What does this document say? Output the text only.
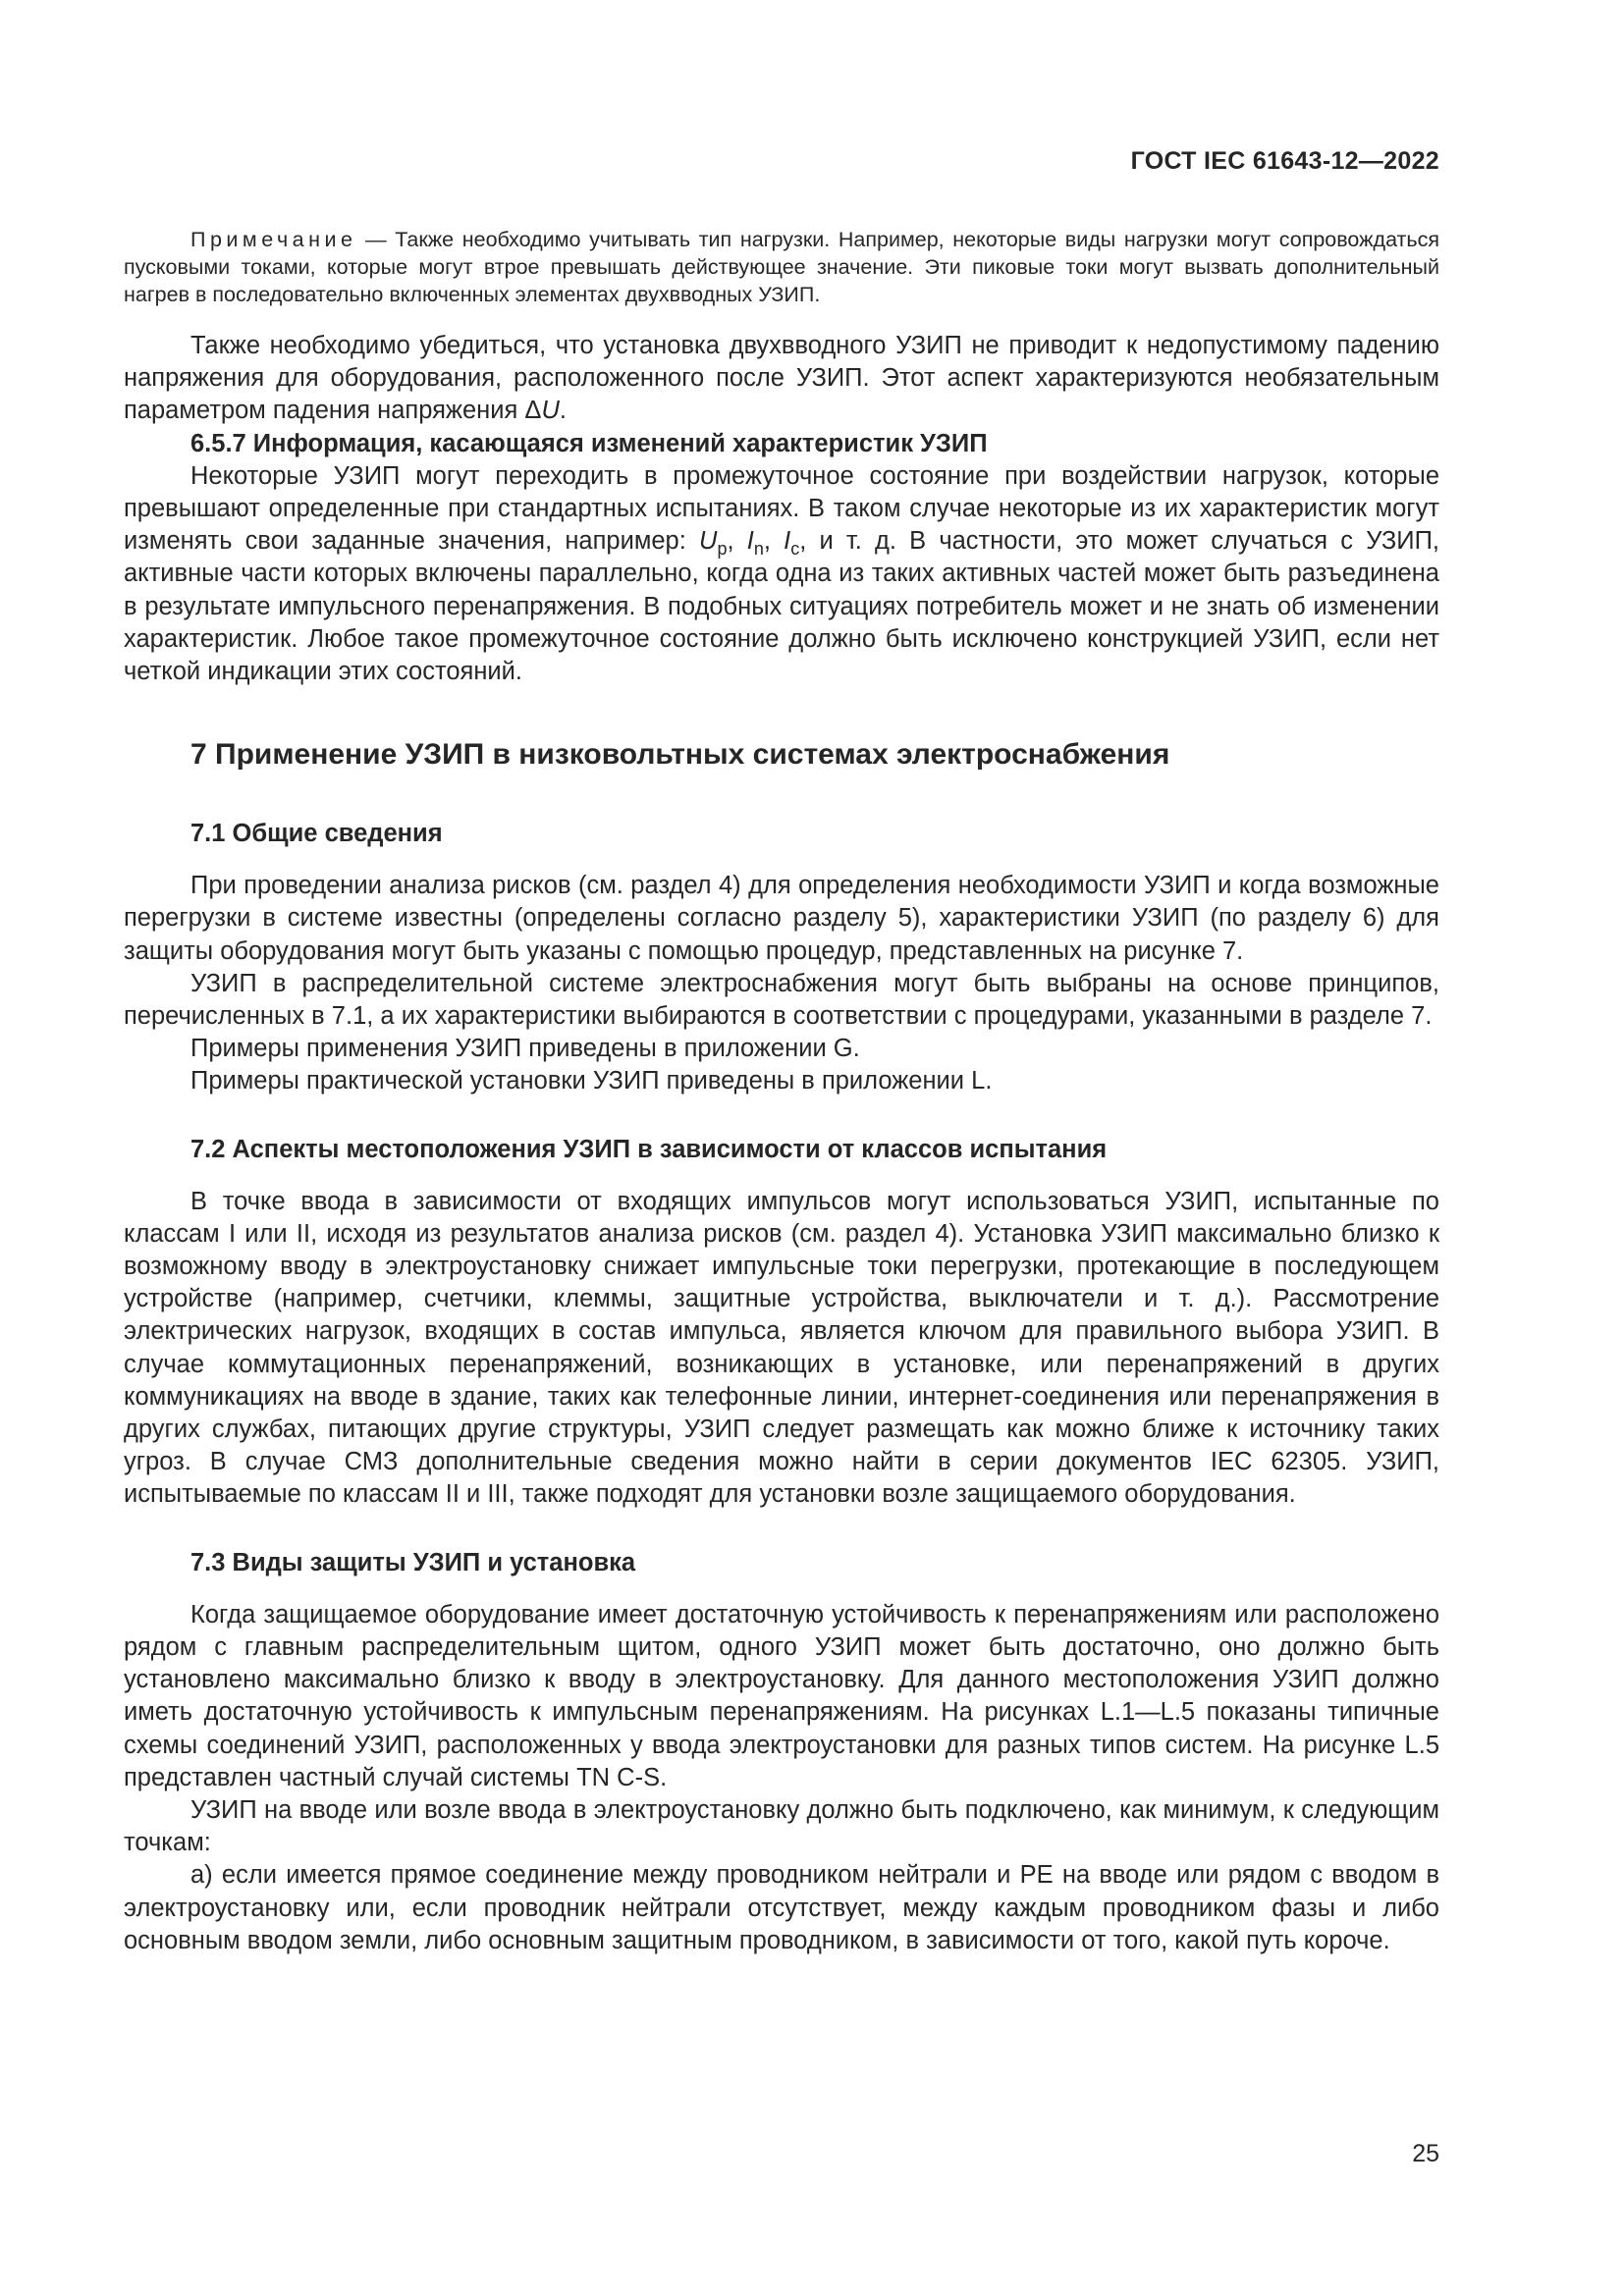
ГОСТ IEC 61643-12—2022

Примечание — Также необходимо учитывать тип нагрузки. Например, некоторые виды нагрузки могут сопровождаться пусковыми токами, которые могут втрое превышать действующее значение. Эти пиковые токи могут вызвать дополнительный нагрев в последовательно включенных элементах двухвводных УЗИП.

Также необходимо убедиться, что установка двухвводного УЗИП не приводит к недопустимому падению напряжения для оборудования, расположенного после УЗИП. Этот аспект характеризуются необязательным параметром падения напряжения ΔU.

6.5.7 Информация, касающаяся изменений характеристик УЗИП

Некоторые УЗИП могут переходить в промежуточное состояние при воздействии нагрузок, которые превышают определенные при стандартных испытаниях. В таком случае некоторые из их характеристик могут изменять свои заданные значения, например: $U_p$, $I_n$, $I_c$, и т. д. В частности, это может случаться с УЗИП, активные части которых включены параллельно, когда одна из таких активных частей может быть разъединена в результате импульсного перенапряжения. В подобных ситуациях потребитель может и не знать об изменении характеристик. Любое такое промежуточное состояние должно быть исключено конструкцией УЗИП, если нет четкой индикации этих состояний.

7 Применение УЗИП в низковольтных системах электроснабжения
7.1 Общие сведения

При проведении анализа рисков (см. раздел 4) для определения необходимости УЗИП и когда возможные перегрузки в системе известны (определены согласно разделу 5), характеристики УЗИП (по разделу 6) для защиты оборудования могут быть указаны с помощью процедур, представленных на рисунке 7.

УЗИП в распределительной системе электроснабжения могут быть выбраны на основе принципов, перечисленных в 7.1, а их характеристики выбираются в соответствии с процедурами, указанными в разделе 7.

Примеры применения УЗИП приведены в приложении G.

Примеры практической установки УЗИП приведены в приложении L.

7.2 Аспекты местоположения УЗИП в зависимости от классов испытания

В точке ввода в зависимости от входящих импульсов могут использоваться УЗИП, испытанные по классам I или II, исходя из результатов анализа рисков (см. раздел 4). Установка УЗИП максимально близко к возможному вводу в электроустановку снижает импульсные токи перегрузки, протекающие в последующем устройстве (например, счетчики, клеммы, защитные устройства, выключатели и т. д.). Рассмотрение электрических нагрузок, входящих в состав импульса, является ключом для правильного выбора УЗИП. В случае коммутационных перенапряжений, возникающих в установке, или перенапряжений в других коммуникациях на вводе в здание, таких как телефонные линии, интернет-соединения или перенапряжения в других службах, питающих другие структуры, УЗИП следует размещать как можно ближе к источнику таких угроз. В случае СМЗ дополнительные сведения можно найти в серии документов IEC 62305. УЗИП, испытываемые по классам II и III, также подходят для установки возле защищаемого оборудования.

7.3 Виды защиты УЗИП и установка

Когда защищаемое оборудование имеет достаточную устойчивость к перенапряжениям или расположено рядом с главным распределительным щитом, одного УЗИП может быть достаточно, оно должно быть установлено максимально близко к вводу в электроустановку. Для данного местоположения УЗИП должно иметь достаточную устойчивость к импульсным перенапряжениям. На рисунках L.1—L.5 показаны типичные схемы соединений УЗИП, расположенных у ввода электроустановки для разных типов систем. На рисунке L.5 представлен частный случай системы TN C-S.

УЗИП на вводе или возле ввода в электроустановку должно быть подключено, как минимум, к следующим точкам:

а) если имеется прямое соединение между проводником нейтрали и PE на вводе или рядом с вводом в электроустановку или, если проводник нейтрали отсутствует, между каждым проводником фазы и либо основным вводом земли, либо основным защитным проводником, в зависимости от того, какой путь короче.

25
